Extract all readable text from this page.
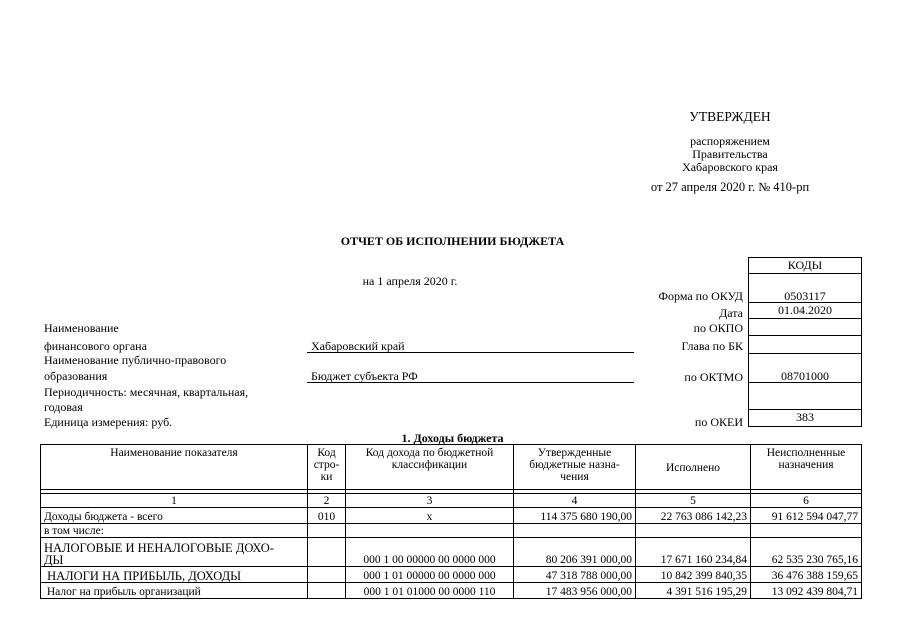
УТВЕРЖДЕН
распоряжением
Правительства
Хабаровского края
от 27 апреля 2020 г. № 410-рп
ОТЧЕТ ОБ ИСПОЛНЕНИИ БЮДЖЕТА
на 1 апреля 2020 г.
КОДЫ
Форма по ОКУД	0503117
Дата	01.04.2020
по ОКПО
Глава по БК
по ОКТМО	08701000
по ОКЕИ	383
Наименование
финансового органа	Хабаровский край
Наименование публично-правового
образования	Бюджет субъекта РФ
Периодичность: месячная, квартальная,
годовая
Единица измерения: руб.
1. Доходы бюджета
Наименование показателя	Код стро- ки	Код дохода по бюджетной классификации	Утвержденные бюджетные назна- чения	Исполнено	Неисполненные назначения

1	2	3	4	5	6
Доходы бюджета - всего	010	x	114 375 680 190,00	22 763 086 142,23	91 612 594 047,77
в том числе:					
НАЛОГОВЫЕ И НЕНАЛОГОВЫЕ ДОХО-
ДЫ		000 1 00 00000 00 0000 000	80 206 391 000,00	17 671 160 234,84	62 535 230 765,16
НАЛОГИ НА ПРИБЫЛЬ, ДОХОДЫ		000 1 01 00000 00 0000 000	47 318 788 000,00	10 842 399 840,35	36 476 388 159,65
Налог на прибыль организаций		000 1 01 01000 00 0000 110	17 483 956 000,00	4 391 516 195,29	13 092 439 804,71
